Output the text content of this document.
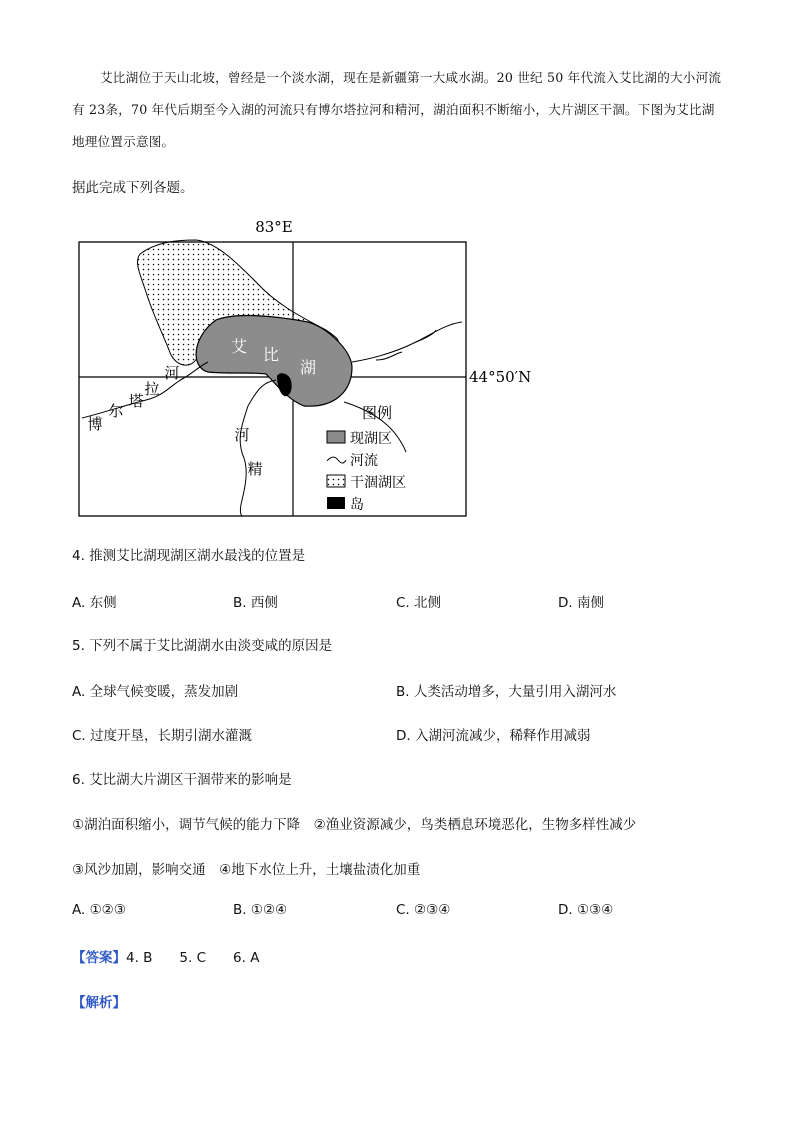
艾比湖位于天山北坡，曾经是一个淡水湖，现在是新疆第一大咸水湖。20 世纪 50 年代流入艾比湖的大小河流有 23条，70 年代后期至今入湖的河流只有博尔塔拉河和精河，湖泊面积不断缩小，大片湖区干涸。下图为艾比湖地理位置示意图。
据此完成下列各题。
83°E
44°50′N
艾 比
湖
博
尔
塔
拉
河
河
精
图例
现湖区
河流
干涸湖区
岛
4. 推测艾比湖现湖区湖水最浅的位置是
A. 东侧	B. 西侧	C. 北侧	D. 南侧
5. 下列不属于艾比湖湖水由淡变咸的原因是
A. 全球气候变暖，蒸发加剧	B. 人类活动增多，大量引用入湖河水
C. 过度开垦，长期引湖水灌溉	D. 入湖河流减少，稀释作用减弱
6. 艾比湖大片湖区干涸带来的影响是
①湖泊面积缩小，调节气候的能力下降　②渔业资源减少，鸟类栖息环境恶化，生物多样性减少
③风沙加剧，影响交通　④地下水位上升，土壤盐渍化加重
A. ①②③	B. ①②④	C. ②③④	D. ①③④
【答案】4. B　　5. C　　6. A
【解析】
